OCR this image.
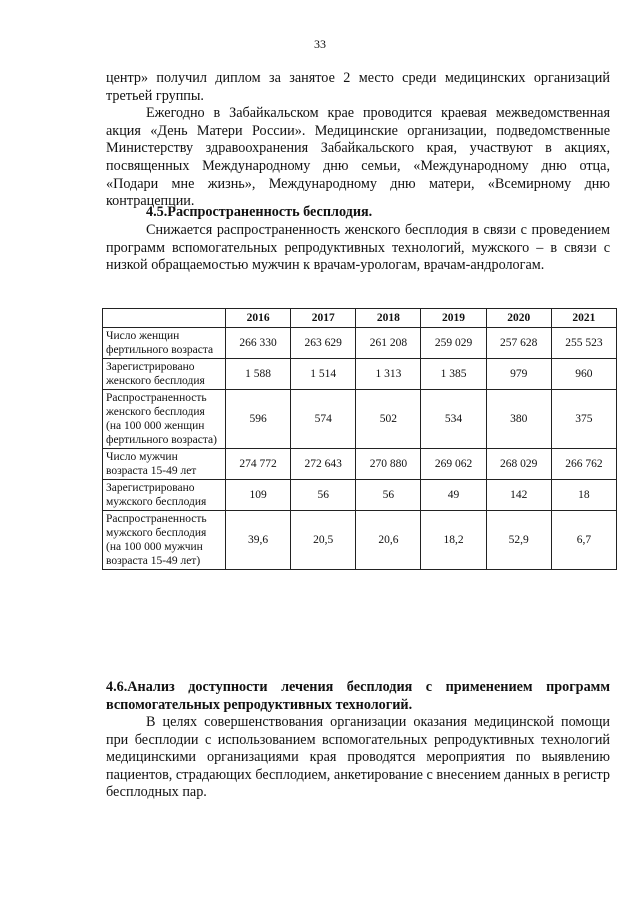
33

центр» получил диплом за занятое 2 место среди медицинских организаций третьей группы.

Ежегодно в Забайкальском крае проводится краевая межведомственная акция «День Матери России». Медицинские организации, подведомственные Министерству здравоохранения Забайкальского края, участвуют в акциях, посвященных Международному дню семьи, «Международному дню отца, «Подари мне жизнь», Международному дню матери, «Всемирному дню контрацепции.

4.5.Распространенность бесплодия.
Снижается распространенность женского бесплодия в связи с проведением программ вспомогательных репродуктивных технологий, мужского – в связи с низкой обращаемостью мужчин к врачам-урологам, врачам-андрологам.
	2016	2017	2018	2019	2020	2021
Число женщин фертильного возраста	266 330	263 629	261 208	259 029	257 628	255 523
Зарегистрировано женского бесплодия	1 588	1 514	1 313	1 385	979	960
Распространенность женского бесплодия (на 100 000 женщин фертильного возраста)	596	574	502	534	380	375
Число мужчин возраста 15-49 лет	274 772	272 643	270 880	269 062	268 029	266 762
Зарегистрировано мужского бесплодия	109	56	56	49	142	18
Распространенность мужского бесплодия (на 100 000 мужчин возраста 15-49 лет)	39,6	20,5	20,6	18,2	52,9	6,7
4.6.Анализ доступности лечения бесплодия с применением программ вспомогательных репродуктивных технологий.
В целях совершенствования организации оказания медицинской помощи при бесплодии с использованием вспомогательных репродуктивных технологий медицинскими организациями края проводятся мероприятия по выявлению пациентов, страдающих бесплодием, анкетирование с внесением данных в регистр бесплодных пар.
